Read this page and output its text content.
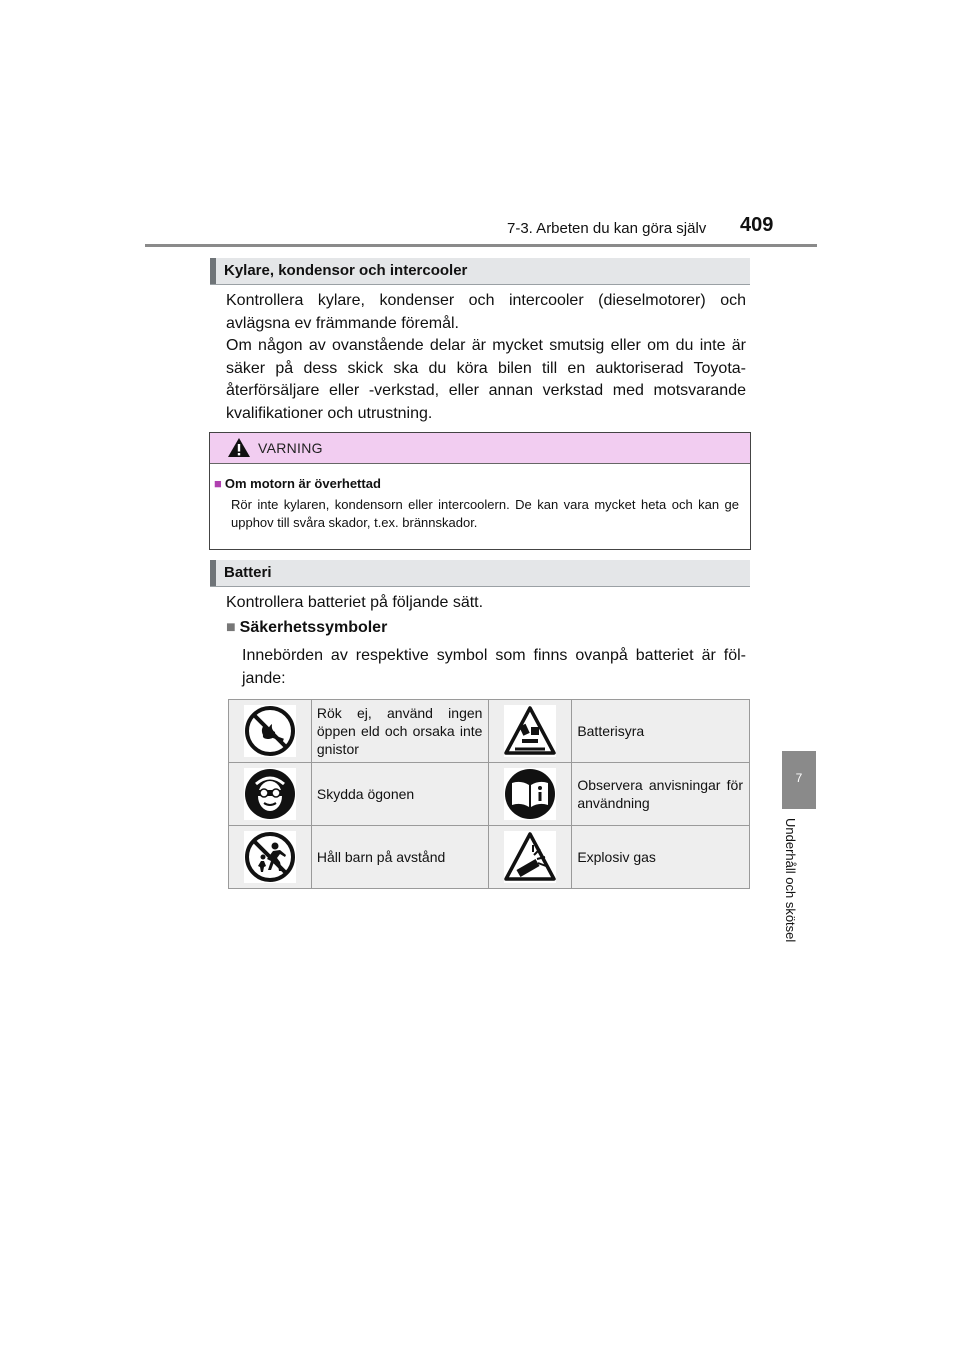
7-3. Arbeten du kan göra själv 409
7
Underhåll och skötsel
Kylare, kondensor och intercooler
Kontrollera kylare, kondenser och intercooler (dieselmotorer) och avlägsna ev främmande föremål.
Om någon av ovanstående delar är mycket smutsig eller om du inte är säker på dess skick ska du köra bilen till en auktoriserad Toyota-återförsäljare eller -verkstad, eller annan verkstad med motsvarande kvalifikationer och utrustning.
VARNING
■ Om motorn är överhettad
Rör inte kylaren, kondensorn eller intercoolern. De kan vara mycket heta och kan ge upphov till svåra skador, t.ex. brännskador.
Batteri
Kontrollera batteriet på följande sätt.
■ Säkerhetssymboler
Innebörden av respektive symbol som finns ovanpå batteriet är föl-jande:
	Rök ej, använd ingen öppen eld och orsaka inte gnistor		Batterisyra
	Skydda ögonen		Observera anvisningar för användning
	Håll barn på avstånd		Explosiv gas
